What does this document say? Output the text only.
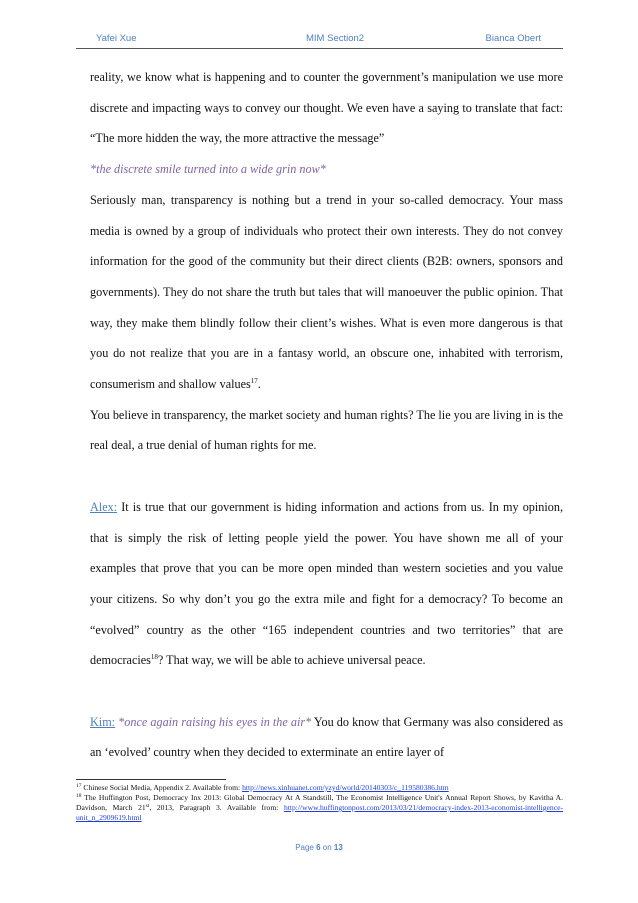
Yafei Xue	MIM Section2	Bianca Obert

reality, we know what is happening and to counter the government’s manipulation we use more discrete and impacting ways to convey our thought. We even have a saying to translate that fact: “The more hidden the way, the more attractive the message”

*the discrete smile turned into a wide grin now*

Seriously man, transparency is nothing but a trend in your so-called democracy. Your mass media is owned by a group of individuals who protect their own interests. They do not convey information for the good of the community but their direct clients (B2B: owners, sponsors and governments). They do not share the truth but tales that will manoeuver the public opinion. That way, they make them blindly follow their client’s wishes. What is even more dangerous is that you do not realize that you are in a fantasy world, an obscure one, inhabited with terrorism, consumerism and shallow values$^{17}$.

You believe in transparency, the market society and human rights? The lie you are living in is the real deal, a true denial of human rights for me.

Alex: It is true that our government is hiding information and actions from us. In my opinion, that is simply the risk of letting people yield the power. You have shown me all of your examples that prove that you can be more open minded than western societies and you value your citizens. So why don’t you go the extra mile and fight for a democracy? To become an “evolved” country as the other “165 independent countries and two territories” that are democracies$^{18}$? That way, we will be able to achieve universal peace.

Kim: *once again raising his eyes in the air* You do know that Germany was also considered as an ‘evolved’ country when they decided to exterminate an entire layer of

$^{17}$ Chinese Social Media, Appendix 2. Available from: http://news.xinhuanet.com/yzyd/world/20140303/c_119580386.htm
$^{18}$ The Huffington Post, Democracy Inx 2013: Global Democracy At A Standstill, The Economist Intelligence Unit's Annual Report Shows, by Kavitha A. Davidson, March 21st, 2013, Paragraph 3. Available from: http://www.huffingtonpost.com/2013/03/21/democracy-index-2013-economist-intelligence-unit_n_2909619.html
Page 6 on 13
